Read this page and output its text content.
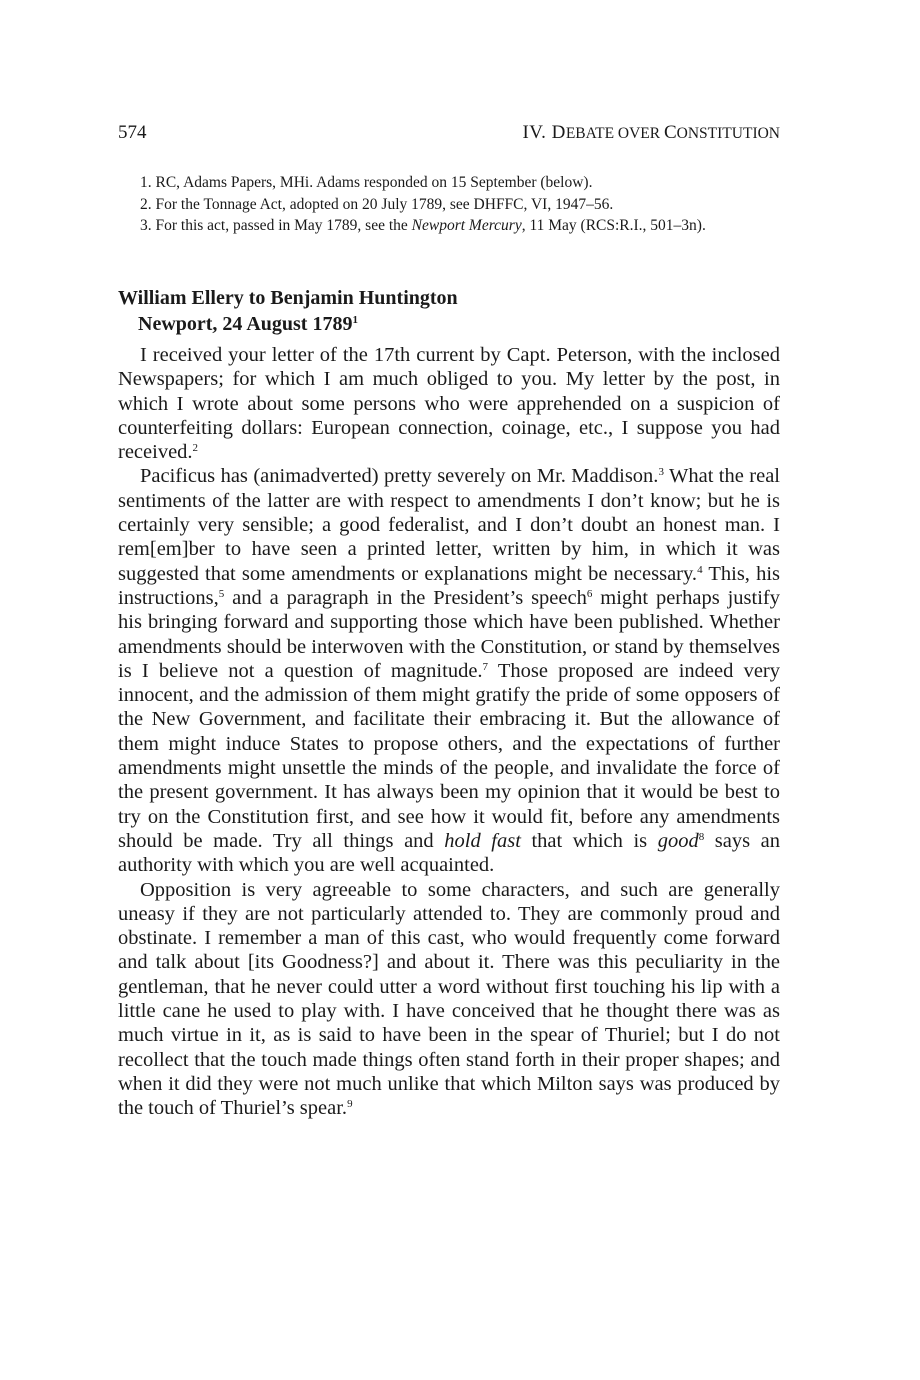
574	IV. DEBATE OVER CONSTITUTION

1. RC, Adams Papers, MHi. Adams responded on 15 September (below).

2. For the Tonnage Act, adopted on 20 July 1789, see DHFFC, VI, 1947–56.

3. For this act, passed in May 1789, see the Newport Mercury, 11 May (RCS:R.I., 501–3n).

William Ellery to Benjamin Huntington
Newport, 24 August 1789$^1$

I received your letter of the 17th current by Capt. Peterson, with the inclosed Newspapers; for which I am much obliged to you. My letter by the post, in which I wrote about some persons who were apprehended on a suspicion of counterfeiting dollars: European connection, coinage, etc., I suppose you had received.$^2$

Pacificus has (animadverted) pretty severely on Mr. Maddison.$^3$ What the real sentiments of the latter are with respect to amendments I don’t know; but he is certainly very sensible; a good federalist, and I don’t doubt an honest man. I rem[em]ber to have seen a printed letter, written by him, in which it was suggested that some amendments or explanations might be necessary.$^4$ This, his instructions,$^5$ and a paragraph in the President’s speech$^6$ might perhaps justify his bringing forward and supporting those which have been published. Whether amendments should be interwoven with the Constitution, or stand by themselves is I believe not a question of magnitude.$^7$ Those proposed are indeed very innocent, and the admission of them might gratify the pride of some opposers of the New Government, and facilitate their embracing it. But the allowance of them might induce States to propose others, and the expectations of further amendments might unsettle the minds of the people, and invalidate the force of the present government. It has always been my opinion that it would be best to try on the Constitution first, and see how it would fit, before any amendments should be made. Try all things and hold fast that which is good$^8$ says an authority with which you are well acquainted.

Opposition is very agreeable to some characters, and such are generally uneasy if they are not particularly attended to. They are commonly proud and obstinate. I remember a man of this cast, who would frequently come forward and talk about [its Goodness?] and about it. There was this peculiarity in the gentleman, that he never could utter a word without first touching his lip with a little cane he used to play with. I have conceived that he thought there was as much virtue in it, as is said to have been in the spear of Thuriel; but I do not recollect that the touch made things often stand forth in their proper shapes; and when it did they were not much unlike that which Milton says was produced by the touch of Thuriel’s spear.$^9$
